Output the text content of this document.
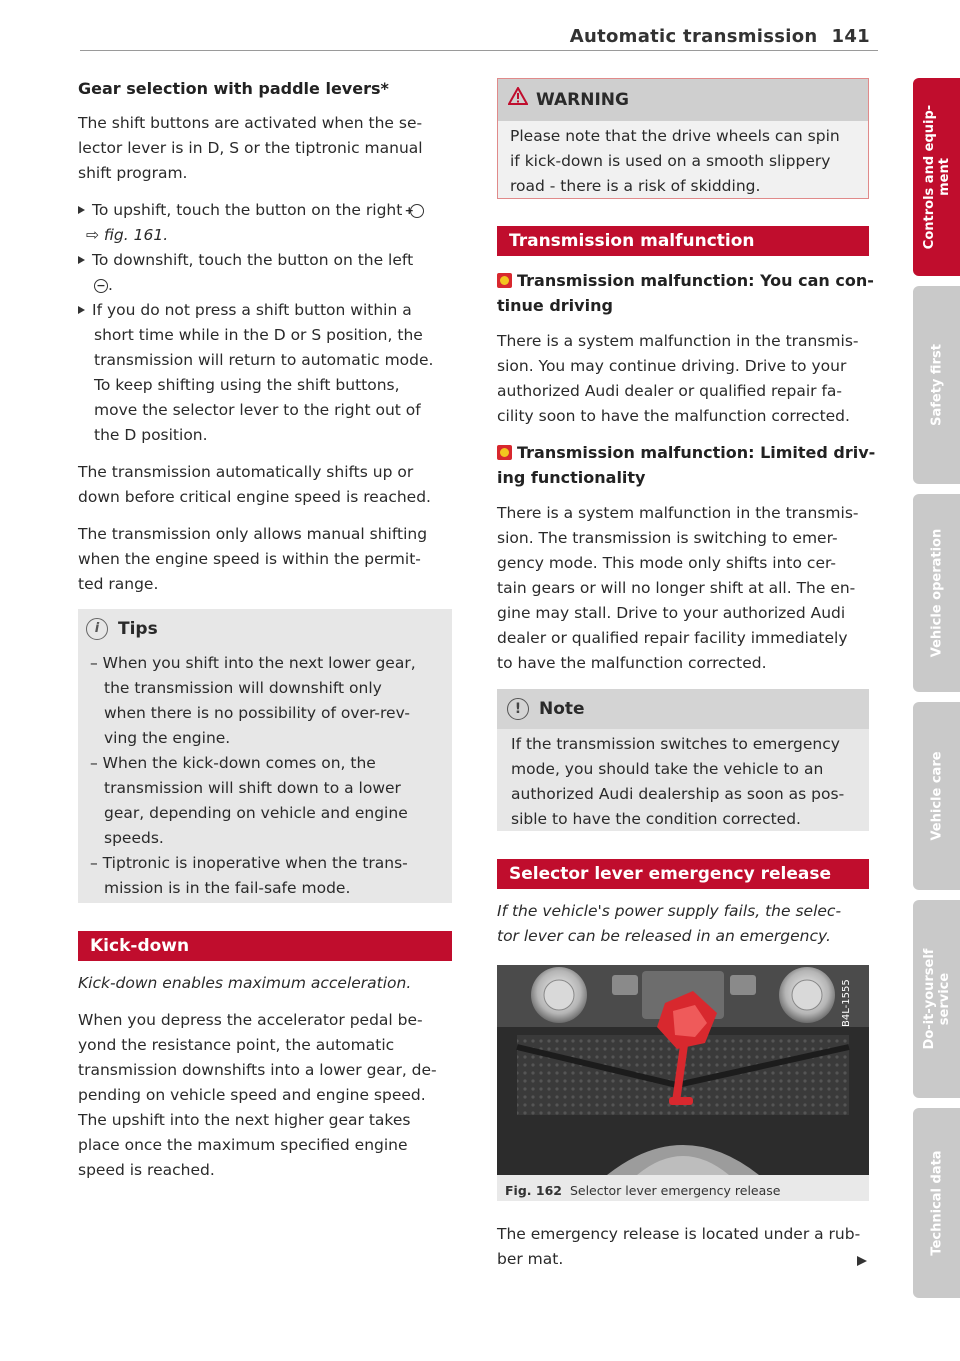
Automatic transmission 141
Gear selection with paddle levers*
The shift buttons are activated when the se-
lector lever is in D, S or the tiptronic manual
shift program.
To upshift, touch the button on the right +
⇨ fig. 161.
To downshift, touch the button on the left
− .
If you do not press a shift button within a
short time while in the D or S position, the
transmission will return to automatic mode.
To keep shifting using the shift buttons,
move the selector lever to the right out of
the D position.
The transmission automatically shifts up or
down before critical engine speed is reached.
The transmission only allows manual shifting
when the engine speed is within the permit-
ted range.
i Tips
– When you shift into the next lower gear,
the transmission will downshift only
when there is no possibility of over-rev-
ving the engine.
– When the kick-down comes on, the
transmission will shift down to a lower
gear, depending on vehicle and engine
speeds.
– Tiptronic is inoperative when the trans-
mission is in the fail-safe mode.
Kick-down
Kick-down enables maximum acceleration.
When you depress the accelerator pedal be-
yond the resistance point, the automatic
transmission downshifts into a lower gear, de-
pending on vehicle speed and engine speed.
The upshift into the next higher gear takes
place once the maximum specified engine
speed is reached.
WARNING
Please note that the drive wheels can spin
if kick-down is used on a smooth slippery
road - there is a risk of skidding.
Transmission malfunction
Transmission malfunction: You can con-
tinue driving
There is a system malfunction in the transmis-
sion. You may continue driving. Drive to your
authorized Audi dealer or qualified repair fa-
cility soon to have the malfunction corrected.
Transmission malfunction: Limited driv-
ing functionality
There is a system malfunction in the transmis-
sion. The transmission is switching to emer-
gency mode. This mode only shifts into cer-
tain gears or will no longer shift at all. The en-
gine may stall. Drive to your authorized Audi
dealer or qualified repair facility immediately
to have the malfunction corrected.
! Note
If the transmission switches to emergency
mode, you should take the vehicle to an
authorized Audi dealership as soon as pos-
sible to have the condition corrected.
Selector lever emergency release
If the vehicle's power supply fails, the selec-
tor lever can be released in an emergency.
B4L-1555
Fig. 162 Selector lever emergency release
The emergency release is located under a rub-
ber mat.
Controls and equip-
ment
Safety first
Vehicle operation
Vehicle care
Do-it-yourself
service
Technical data
